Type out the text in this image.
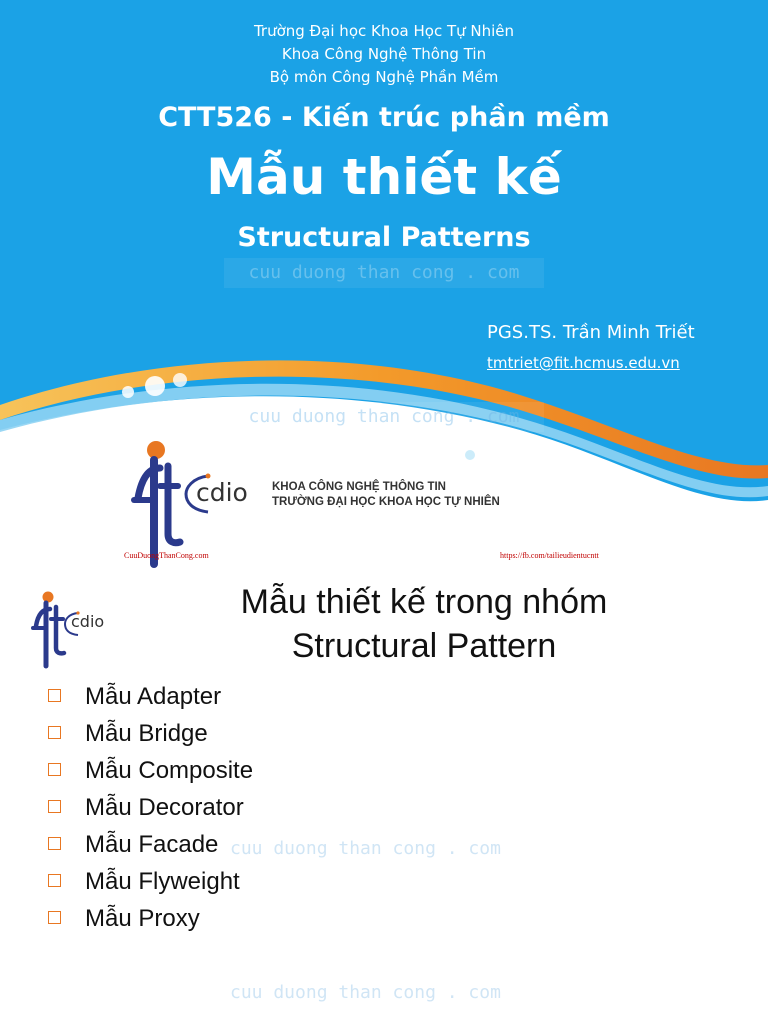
Trường Đại học Khoa Học Tự Nhiên
Khoa Công Nghệ Thông Tin
Bộ môn Công Nghệ Phần Mềm
CTT526 - Kiến trúc phần mềm
Mẫu thiết kế
Structural Patterns
cuu duong than cong . com
cuu duong than cong . com
PGS.TS. Trần Minh Triết
tmtriet@fit.hcmus.edu.vn
cdio KHOA CÔNG NGHỆ THÔNG TIN
TRƯỜNG ĐẠI HỌC KHOA HỌC TỰ NHIÊN
CuuDuongThanCong.com	https://fb.com/tailieudientucntt
cdio
Mẫu thiết kế trong nhóm
Structural Pattern
Mẫu Adapter
Mẫu Bridge
Mẫu Composite
Mẫu Decorator
Mẫu Facade
Mẫu Flyweight
Mẫu Proxy
cuu duong than cong . com
cuu duong than cong . com
